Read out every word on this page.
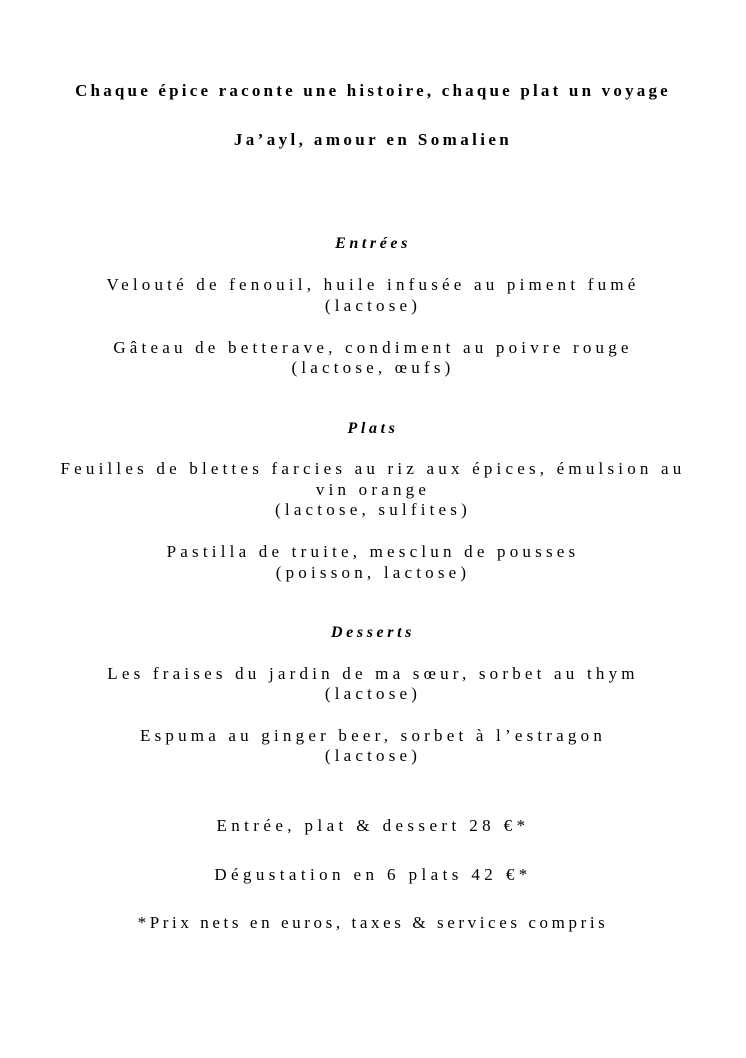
Chaque épice raconte une histoire, chaque plat un voyage
Ja’ayl, amour en Somalien
Entrées
Velouté de fenouil, huile infusée au piment fumé
(lactose)
Gâteau de betterave, condiment au poivre rouge
(lactose, œufs)
Plats
Feuilles de blettes farcies au riz aux épices, émulsion au
vin orange
(lactose, sulfites)
Pastilla de truite, mesclun de pousses
(poisson, lactose)
Desserts
Les fraises du jardin de ma sœur, sorbet au thym
(lactose)
Espuma au ginger beer, sorbet à l’estragon
(lactose)
Entrée, plat & dessert 28 €*
Dégustation en 6 plats 42 €*
*Prix nets en euros, taxes & services compris
